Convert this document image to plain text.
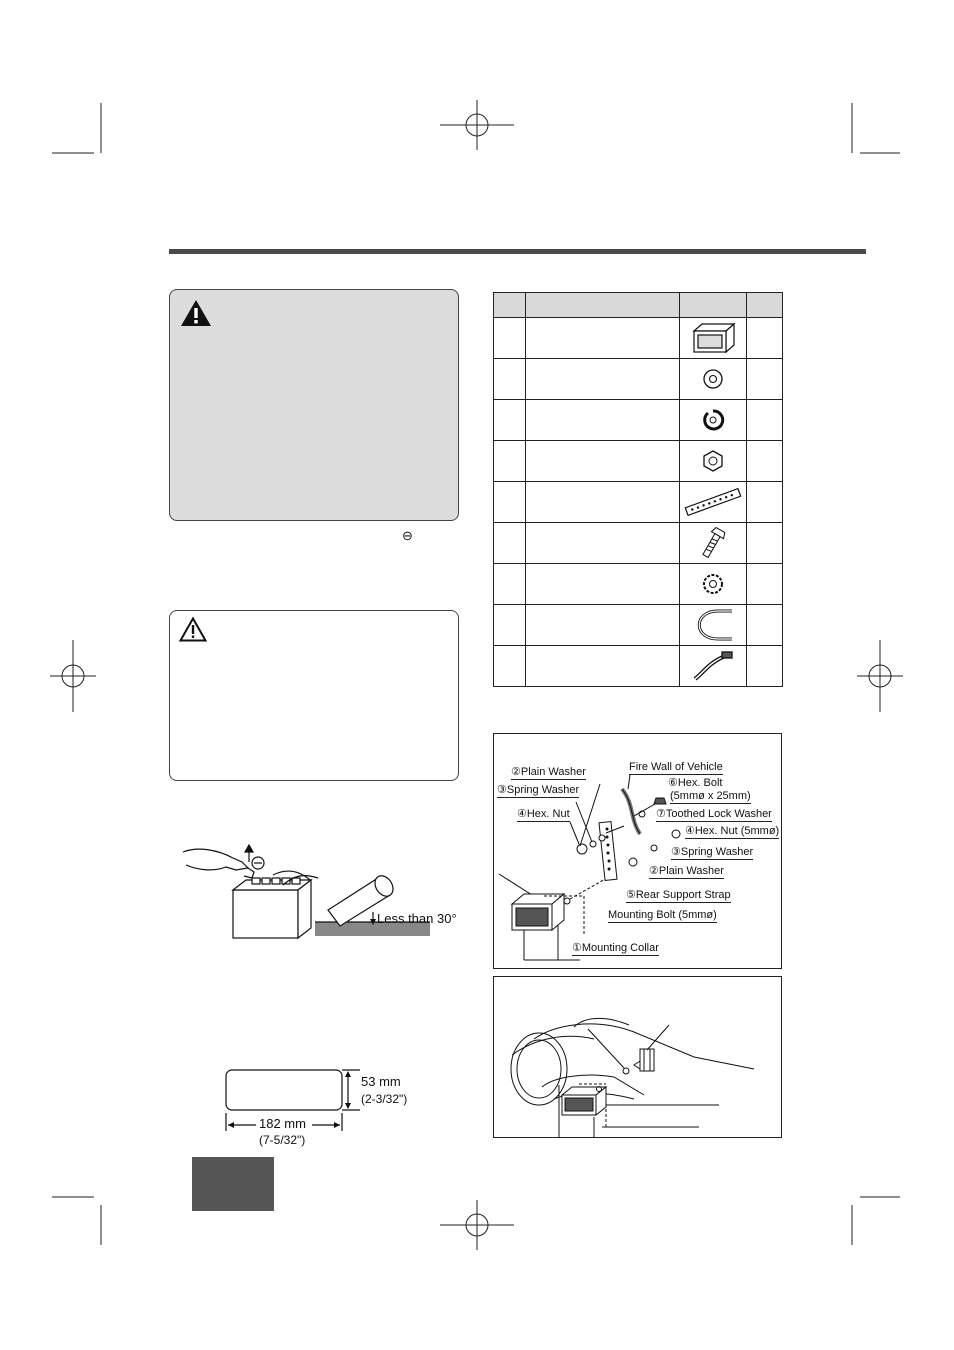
⊖
Less than 30°
53 mm
(2-3/32")
182 mm
(7-5/32")

②Plain Washer
③Spring Washer
④Hex. Nut
Fire Wall of Vehicle
⑥Hex. Bolt
(5mmø x 25mm)
⑦Toothed Lock Washer
④Hex. Nut (5mmø)
③Spring Washer
②Plain Washer
⑤Rear Support Strap
Mounting Bolt (5mmø)
①Mounting Collar
